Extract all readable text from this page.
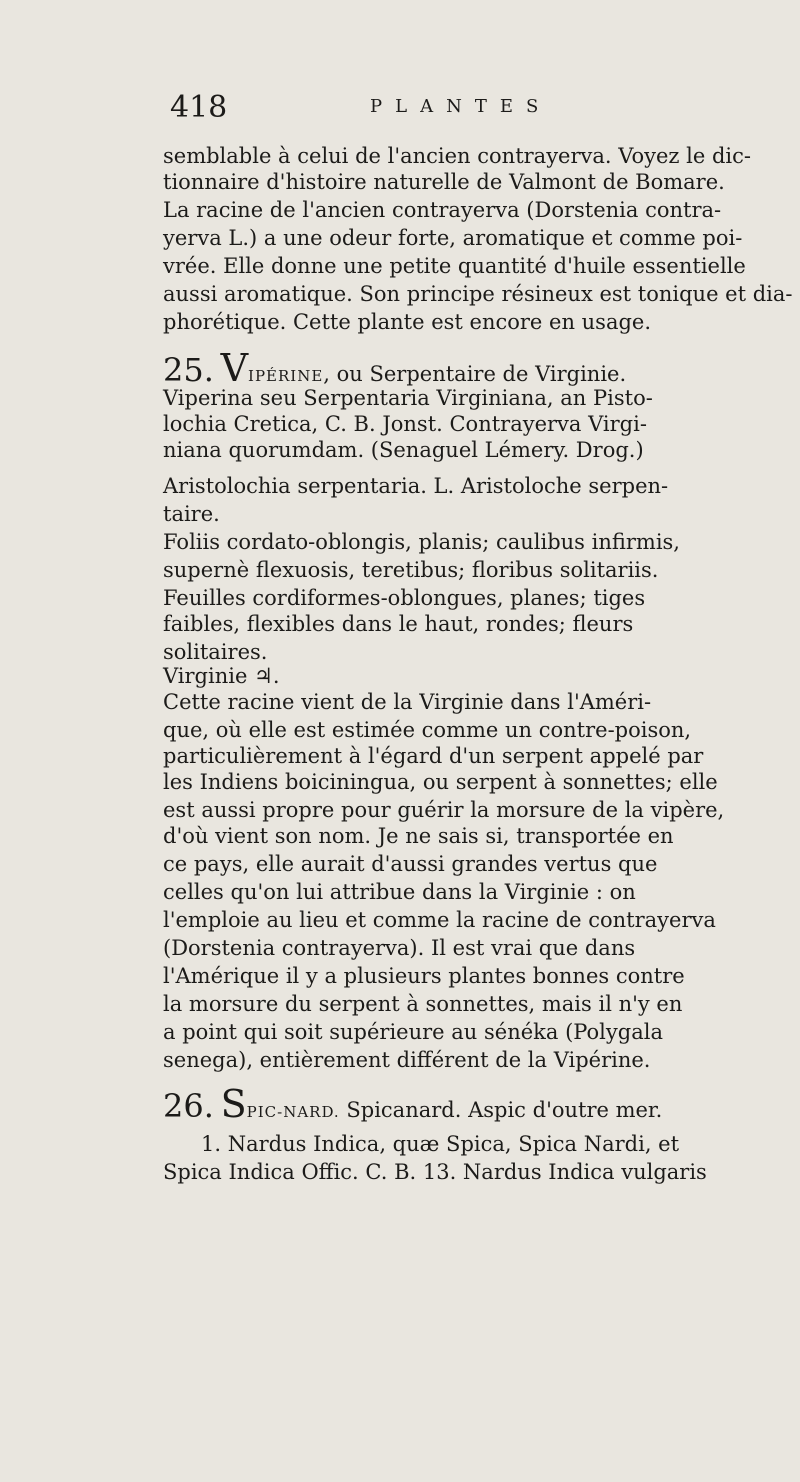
418	PLANTES
semblable à celui de l'ancien contrayerva. Voyez le dic-
tionnaire d'histoire naturelle de Valmont de Bomare.
La racine de l'ancien contrayerva (Dorstenia contra-
yerva L.) a une odeur forte, aromatique et comme poi-
vrée. Elle donne une petite quantité d'huile essentielle
aussi aromatique. Son principe résineux est tonique et dia-
phorétique. Cette plante est encore en usage.
25. VIPÉRINE, ou Serpentaire de Virginie.
Viperina seu Serpentaria Virginiana, an Pisto-
lochia Cretica, C. B. Jonst. Contrayerva Virgi-
niana quorumdam. (Senaguel Lémery. Drog.)
Aristolochia serpentaria. L. Aristoloche serpen-
taire.
Foliis cordato-oblongis, planis; caulibus infirmis,
supernè flexuosis, teretibus; floribus solitariis.
Feuilles cordiformes-oblongues, planes; tiges
faibles, flexibles dans le haut, rondes; fleurs
solitaires.
Virginie ♃.
Cette racine vient de la Virginie dans l'Améri-
que, où elle est estimée comme un contre-poison,
particulièrement à l'égard d'un serpent appelé par
les Indiens boiciningua, ou serpent à sonnettes; elle
est aussi propre pour guérir la morsure de la vipère,
d'où vient son nom. Je ne sais si, transportée en
ce pays, elle aurait d'aussi grandes vertus que
celles qu'on lui attribue dans la Virginie : on
l'emploie au lieu et comme la racine de contrayerva
(Dorstenia contrayerva). Il est vrai que dans
l'Amérique il y a plusieurs plantes bonnes contre
la morsure du serpent à sonnettes, mais il n'y en
a point qui soit supérieure au sénéka (Polygala
senega), entièrement différent de la Vipérine.
26. SPIC-NARD. Spicanard. Aspic d'outre mer.
1. Nardus Indica, quæ Spica, Spica Nardi, et
Spica Indica Offic. C. B. 13. Nardus Indica vulgaris
